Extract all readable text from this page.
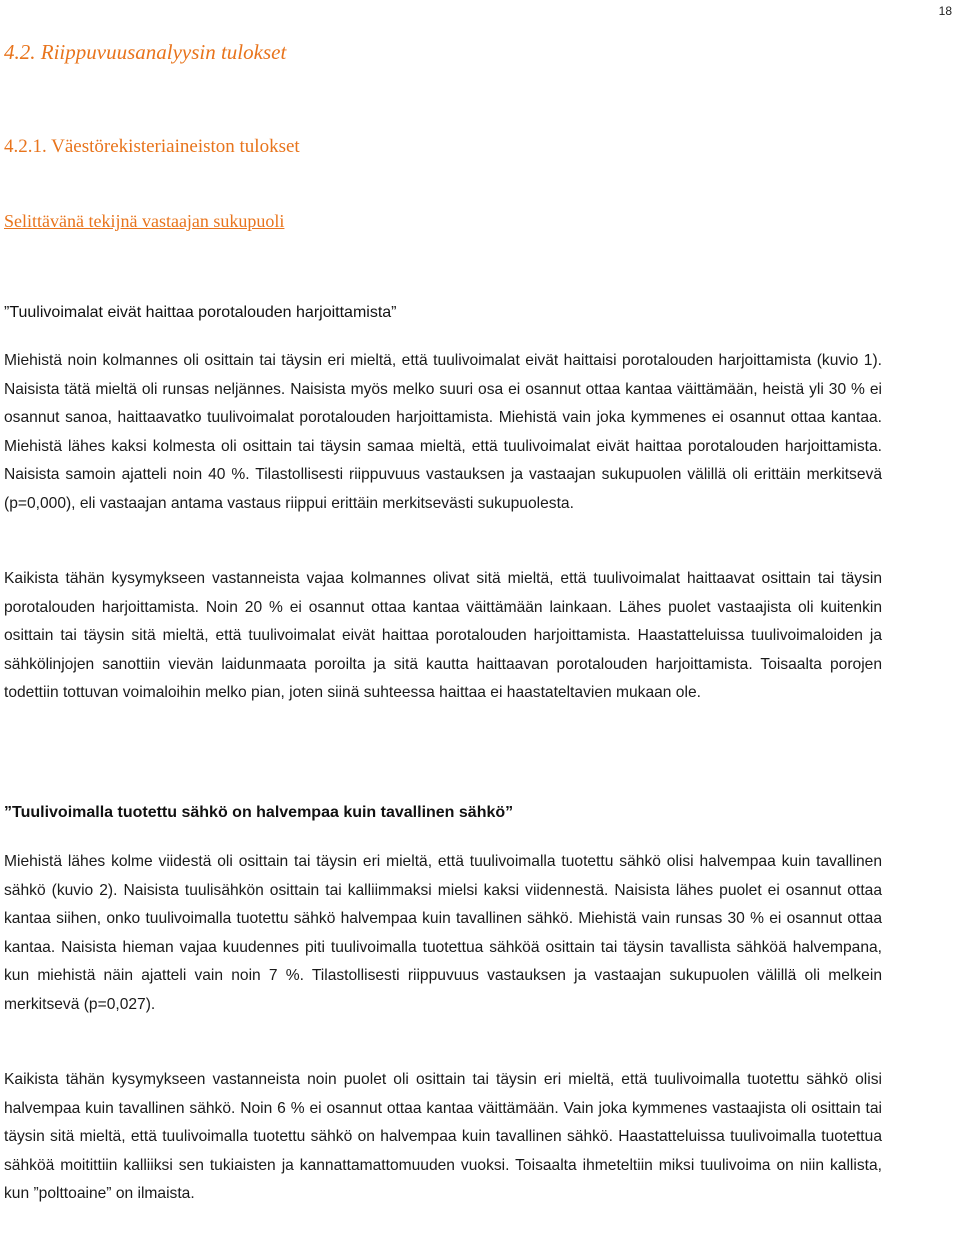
18
4.2. Riippuvuusanalyysin tulokset
4.2.1. Väestörekisteriaineiston tulokset
Selittävänä tekijnä vastaajan sukupuoli
”Tuulivoimalat eivät haittaa porotalouden harjoittamista”

Miehistä noin kolmannes oli osittain tai täysin eri mieltä, että tuulivoimalat eivät haittaisi porotalouden harjoittamista (kuvio 1). Naisista tätä mieltä oli runsas neljännes. Naisista myös melko suuri osa ei osannut ottaa kantaa väittämään, heistä yli 30 % ei osannut sanoa, haittaavatko tuulivoimalat porotalouden harjoittamista. Miehistä vain joka kymmenes ei osannut ottaa kantaa. Miehistä lähes kaksi kolmesta oli osittain tai täysin samaa mieltä, että tuulivoimalat eivät haittaa porotalouden harjoittamista. Naisista samoin ajatteli noin 40 %. Tilastollisesti riippuvuus vastauksen ja vastaajan sukupuolen välillä oli erittäin merkitsevä (p=0,000), eli vastaajan antama vastaus riippui erittäin merkitsevästi sukupuolesta.

Kaikista tähän kysymykseen vastanneista vajaa kolmannes olivat sitä mieltä, että tuulivoimalat haittaavat osittain tai täysin porotalouden harjoittamista. Noin 20 % ei osannut ottaa kantaa väittämään lainkaan. Lähes puolet vastaajista oli kuitenkin osittain tai täysin sitä mieltä, että tuulivoimalat eivät haittaa porotalouden harjoittamista. Haastatteluissa tuulivoimaloiden ja sähkölinjojen sanottiin vievän laidunmaata poroilta ja sitä kautta haittaavan porotalouden harjoittamista. Toisaalta porojen todettiin tottuvan voimaloihin melko pian, joten siinä suhteessa haittaa ei haastateltavien mukaan ole.

”Tuulivoimalla tuotettu sähkö on halvempaa kuin tavallinen sähkö”

Miehistä lähes kolme viidestä oli osittain tai täysin eri mieltä, että tuulivoimalla tuotettu sähkö olisi halvempaa kuin tavallinen sähkö (kuvio 2). Naisista tuulisähkön osittain tai kalliimmaksi mielsi kaksi viidennestä. Naisista lähes puolet ei osannut ottaa kantaa siihen, onko tuulivoimalla tuotettu sähkö halvempaa kuin tavallinen sähkö. Miehistä vain runsas 30 % ei osannut ottaa kantaa. Naisista hieman vajaa kuudennes piti tuulivoimalla tuotettua sähköä osittain tai täysin tavallista sähköä halvempana, kun miehistä näin ajatteli vain noin 7 %. Tilastollisesti riippuvuus vastauksen ja vastaajan sukupuolen välillä oli melkein merkitsevä (p=0,027).

Kaikista tähän kysymykseen vastanneista noin puolet oli osittain tai täysin eri mieltä, että tuulivoimalla tuotettu sähkö olisi halvempaa kuin tavallinen sähkö. Noin 6 % ei osannut ottaa kantaa väittämään. Vain joka kymmenes vastaajista oli osittain tai täysin sitä mieltä, että tuulivoimalla tuotettu sähkö on halvempaa kuin tavallinen sähkö. Haastatteluissa tuulivoimalla tuotettua sähköä moitittiin kalliiksi sen tukiaisten ja kannattamattomuuden vuoksi. Toisaalta ihmeteltiin miksi tuulivoima on niin kallista, kun ”polttoaine” on ilmaista.
